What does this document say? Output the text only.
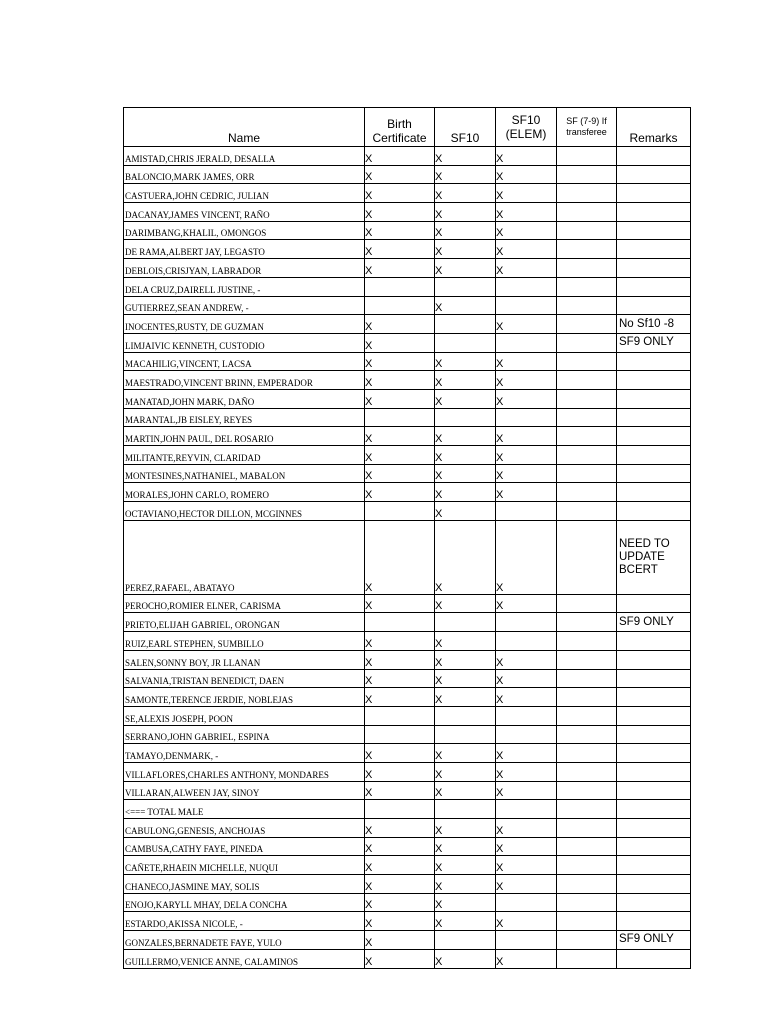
Name	Birth Certificate	SF10	SF10 (ELEM)	SF (7-9) If transferee	Remarks
AMISTAD,CHRIS JERALD, DESALLA	X	X	X		
BALONCIO,MARK JAMES, ORR	X	X	X		
CASTUERA,JOHN CEDRIC, JULIAN	X	X	X		
DACANAY,JAMES VINCENT, RAÑO	X	X	X		
DARIMBANG,KHALIL, OMONGOS	X	X	X		
DE RAMA,ALBERT JAY, LEGASTO	X	X	X		
DEBLOIS,CRISJYAN, LABRADOR	X	X	X		
DELA CRUZ,DAIRELL JUSTINE, -					
GUTIERREZ,SEAN ANDREW, -		X			
INOCENTES,RUSTY, DE GUZMAN	X		X		No Sf10 -8
LIMJAIVIC KENNETH, CUSTODIO	X				SF9 ONLY
MACAHILIG,VINCENT, LACSA	X	X	X		
MAESTRADO,VINCENT BRINN, EMPERADOR	X	X	X		
MANATAD,JOHN MARK, DAÑO	X	X	X		
MARANTAL,JB EISLEY, REYES					
MARTIN,JOHN PAUL, DEL ROSARIO	X	X	X		
MILITANTE,REYVIN, CLARIDAD	X	X	X		
MONTESINES,NATHANIEL, MABALON	X	X	X		
MORALES,JOHN CARLO, ROMERO	X	X	X		
OCTAVIANO,HECTOR DILLON, MCGINNES		X			
PEREZ,RAFAEL, ABATAYO	X	X	X		NEED TO UPDATE BCERT
PEROCHO,ROMIER ELNER, CARISMA	X	X	X		
PRIETO,ELIJAH GABRIEL, ORONGAN					SF9 ONLY
RUIZ,EARL STEPHEN, SUMBILLO	X	X			
SALEN,SONNY BOY, JR LLANAN	X	X	X		
SALVANIA,TRISTAN BENEDICT, DAEN	X	X	X		
SAMONTE,TERENCE JERDIE, NOBLEJAS	X	X	X		
SE,ALEXIS JOSEPH, POON					
SERRANO,JOHN GABRIEL, ESPINA					
TAMAYO,DENMARK, -	X	X	X		
VILLAFLORES,CHARLES ANTHONY, MONDARES	X	X	X		
VILLARAN,ALWEEN JAY, SINOY	X	X	X		
<=== TOTAL MALE					
CABULONG,GENESIS, ANCHOJAS	X	X	X		
CAMBUSA,CATHY FAYE, PINEDA	X	X	X		
CAÑETE,RHAEIN MICHELLE, NUQUI	X	X	X		
CHANECO,JASMINE MAY, SOLIS	X	X	X		
ENOJO,KARYLL MHAY, DELA CONCHA	X	X			
ESTARDO,AKISSA NICOLE, -	X	X	X		
GONZALES,BERNADETE FAYE, YULO	X				SF9 ONLY
GUILLERMO,VENICE ANNE, CALAMINOS	X	X	X		
